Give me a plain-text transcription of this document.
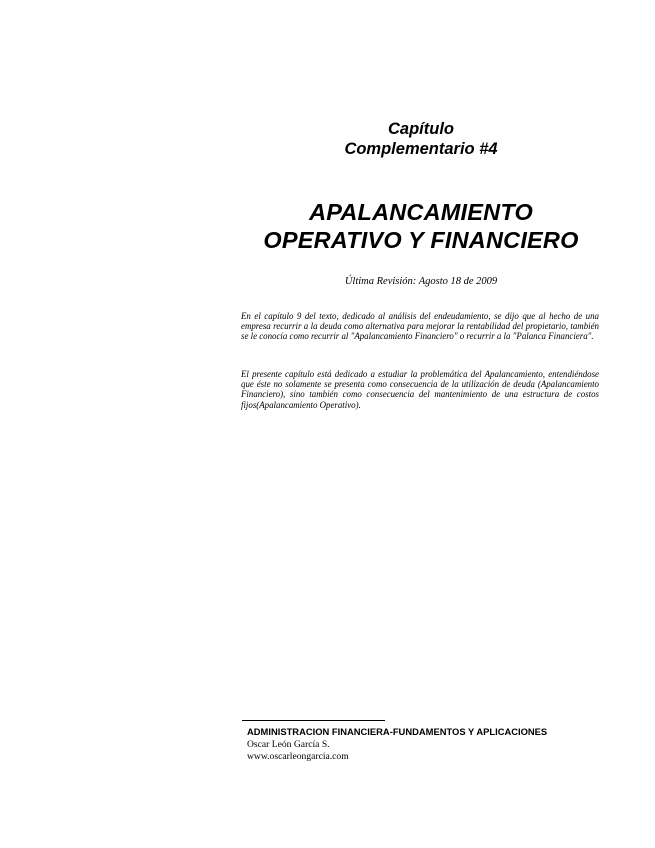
Capítulo

Complementario #4

APALANCAMIENTO
OPERATIVO Y FINANCIERO

Última Revisión: Agosto 18 de 2009

En el capítulo 9 del texto, dedicado al análisis del endeudamiento, se dijo que al hecho de una empresa recurrir a la deuda como alternativa para mejorar la rentabilidad del propietario, también se le conocía como recurrir al "Apalancamiento Financiero" o recurrir a la "Palanca Financiera".

El presente capítulo está dedicado a estudiar la problemática del Apalancamiento, entendiéndose que éste no solamente se presenta como consecuencia de la utilización de deuda (Apalancamiento Financiero), sino también como consecuencia del mantenimiento de una estructura de costos fijos(Apalancamiento Operativo).

ADMINISTRACION FINANCIERA-FUNDAMENTOS Y APLICACIONES

Oscar León García S.

www.oscarleongarcia.com
